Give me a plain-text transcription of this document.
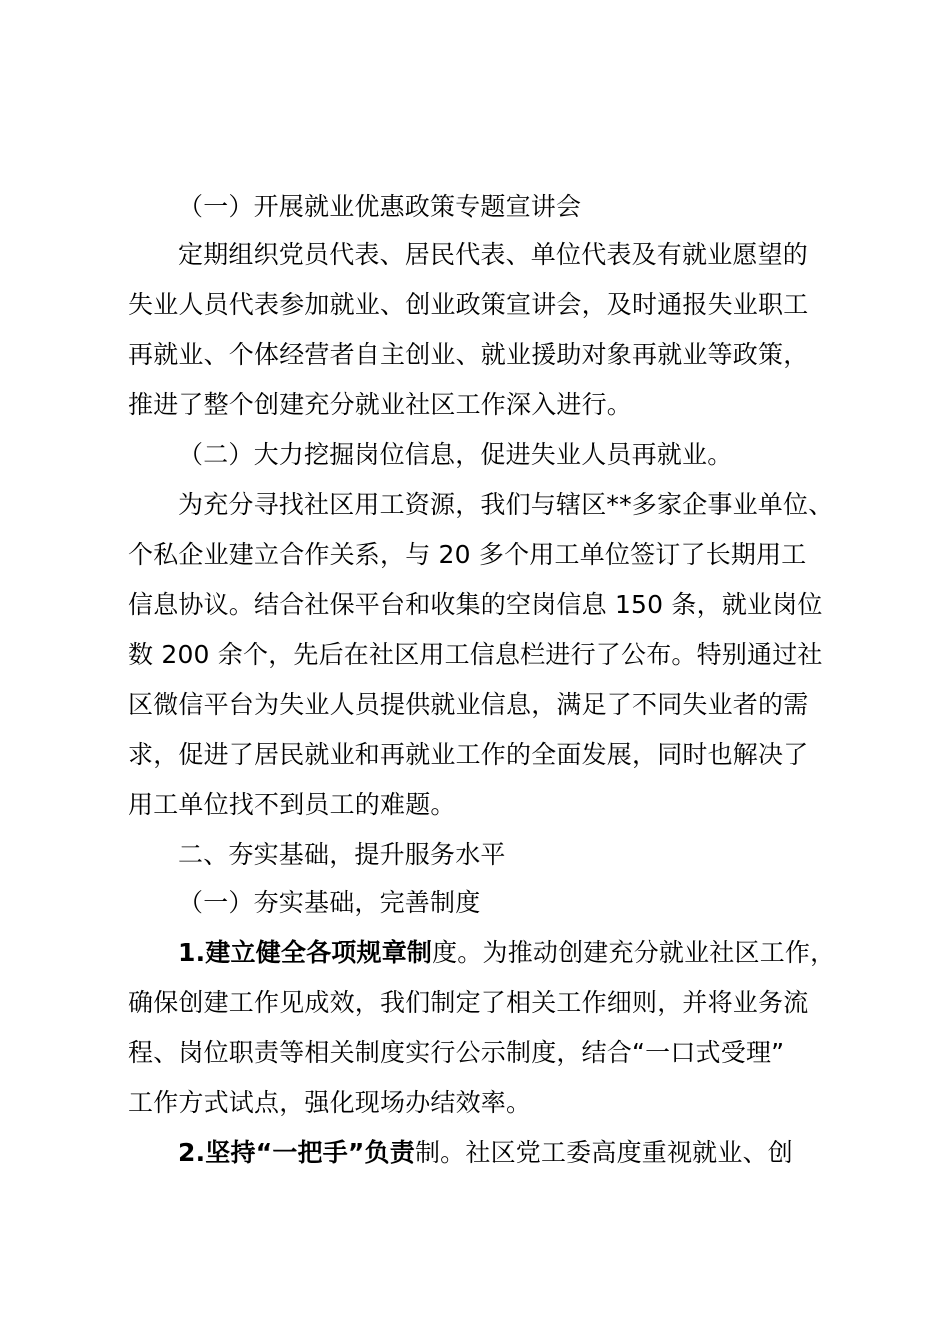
（一）开展就业优惠政策专题宣讲会
定期组织党员代表、居民代表、单位代表及有就业愿望的
失业人员代表参加就业、创业政策宣讲会，及时通报失业职工
再就业、个体经营者自主创业、就业援助对象再就业等政策，
推进了整个创建充分就业社区工作深入进行。
（二）大力挖掘岗位信息，促进失业人员再就业。
为充分寻找社区用工资源，我们与辖区**多家企事业单位、
个私企业建立合作关系，与 20 多个用工单位签订了长期用工
信息协议。结合社保平台和收集的空岗信息 150 条，就业岗位
数 200 余个，先后在社区用工信息栏进行了公布。特别通过社
区微信平台为失业人员提供就业信息，满足了不同失业者的需
求，促进了居民就业和再就业工作的全面发展，同时也解决了
用工单位找不到员工的难题。
二、夯实基础，提升服务水平
（一）夯实基础，完善制度
1.建立健全各项规章制度。为推动创建充分就业社区工作，
确保创建工作见成效，我们制定了相关工作细则，并将业务流
程、岗位职责等相关制度实行公示制度，结合“一口式受理”
工作方式试点，强化现场办结效率。
2.坚持“一把手”负责制。社区党工委高度重视就业、创
